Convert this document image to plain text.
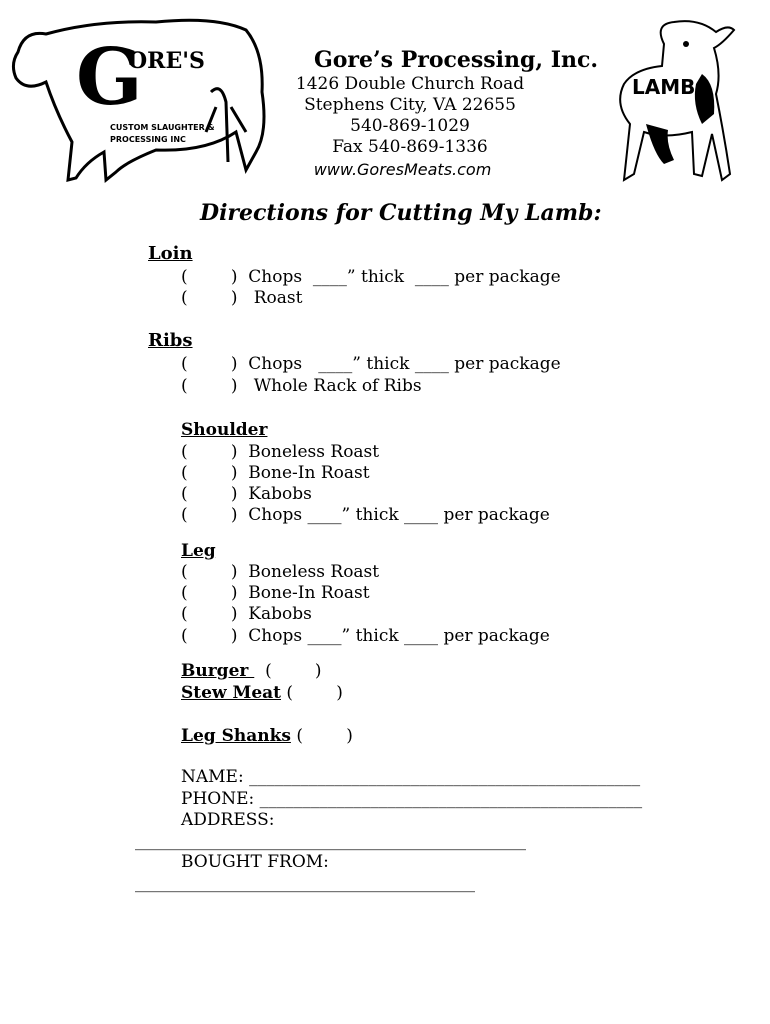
G
ORE'S
CUSTOM SLAUGHTER &
PROCESSING INC
LAMB
Gore’s Processing, Inc.
1426 Double Church Road
Stephens City, VA 22655
540-869-1029
Fax 540-869-1336
www.GoresMeats.com
Directions for Cutting My Lamb:
Loin
(        )  Chops  ____” thick  ____ per package
(        )   Roast
Ribs
(        )  Chops   ____” thick ____ per package
(        )   Whole Rack of Ribs
Shoulder
(        )  Boneless Roast
(        )  Bone-In Roast
(        )  Kabobs
(        )  Chops ____” thick ____ per package
Leg
(        )  Boneless Roast
(        )  Bone-In Roast
(        )  Kabobs
(        )  Chops ____” thick ____ per package
Burger   (        )
Stew Meat (        )
Leg Shanks (        )
NAME: ______________________________________________
PHONE: _____________________________________________
ADDRESS:
______________________________________________
BOUGHT FROM:
________________________________________
